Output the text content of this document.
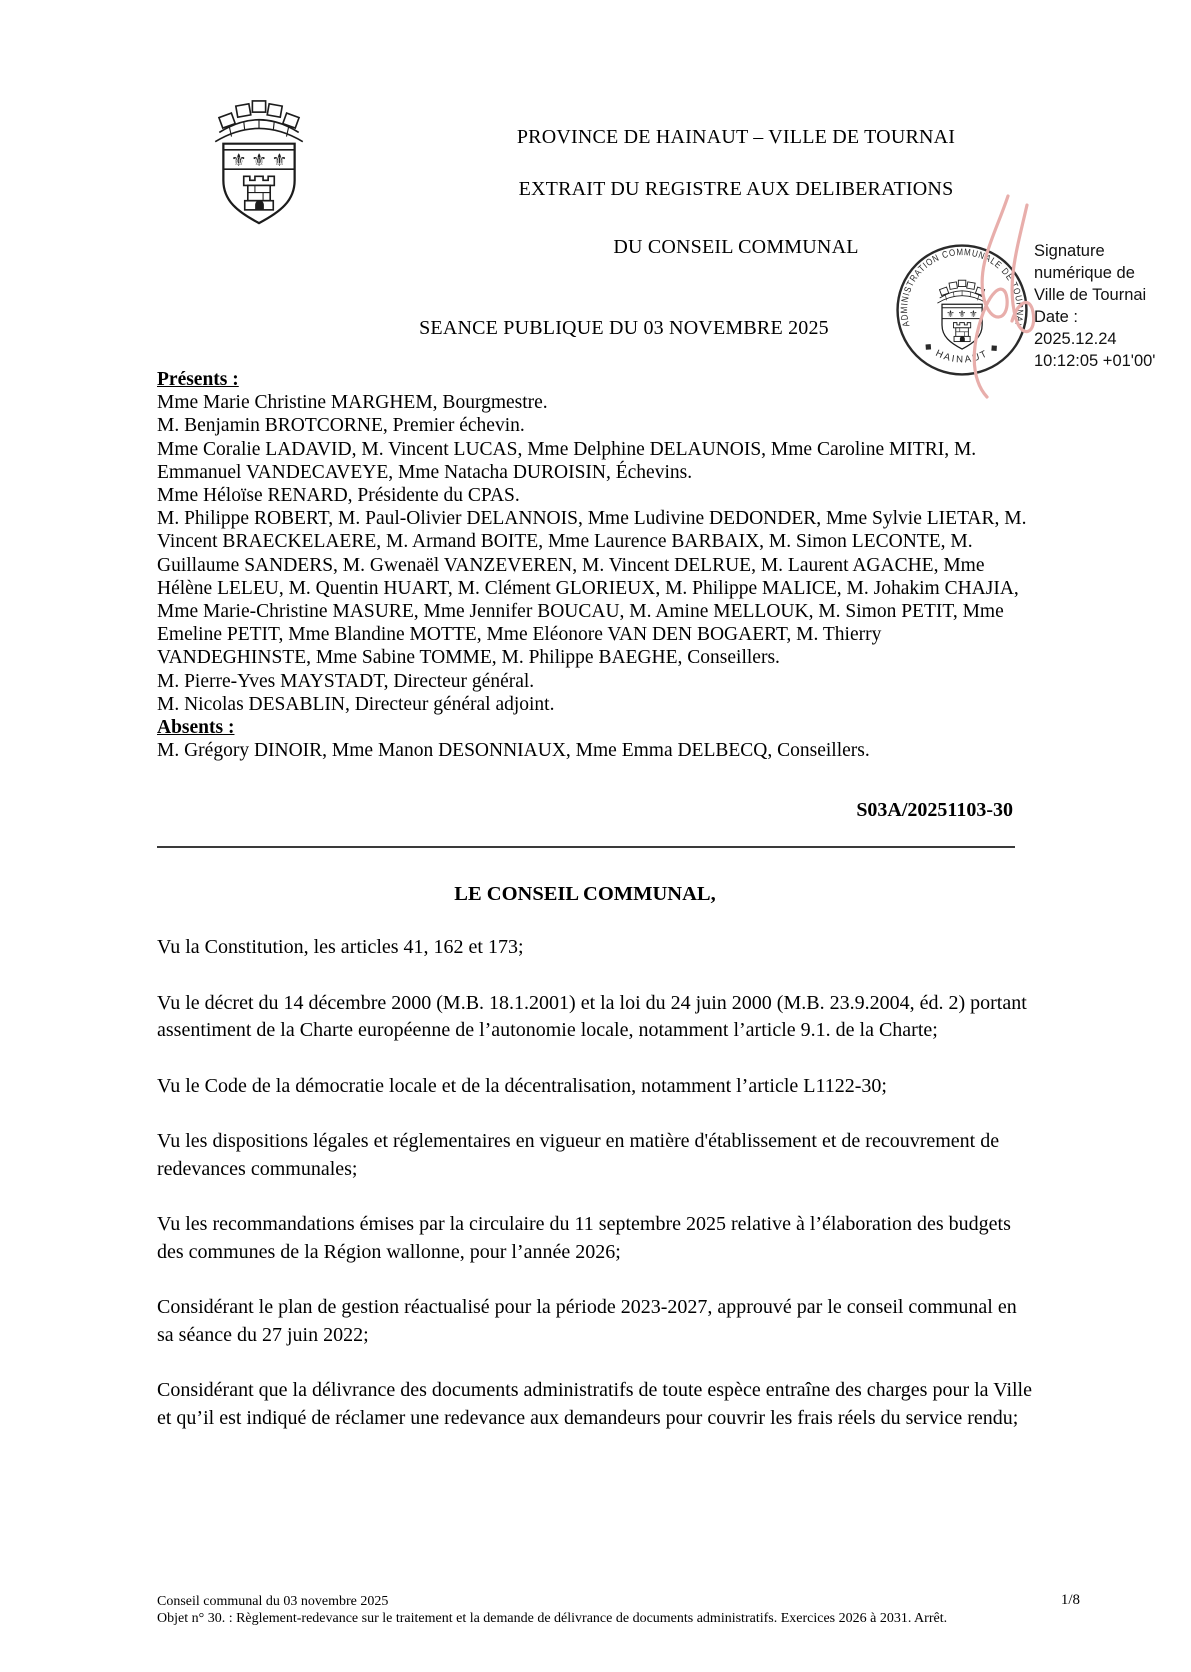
PROVINCE DE HAINAUT – VILLE DE TOURNAI
EXTRAIT DU REGISTRE AUX DELIBERATIONS
DU CONSEIL COMMUNAL
SEANCE PUBLIQUE DU 03 NOVEMBRE 2025	ADMINISTRATION COMMUNALE DE TOURNAI
◆ HAINAUT ◆
Signature
numérique de
Ville de Tournai
Date :
2025.12.24
10:12:05 +01'00'

Présents :

Mme Marie Christine MARGHEM, Bourgmestre.

M. Benjamin BROTCORNE, Premier échevin.

Mme Coralie LADAVID, M. Vincent LUCAS, Mme Delphine DELAUNOIS, Mme Caroline MITRI, M. Emmanuel VANDECAVEYE, Mme Natacha DUROISIN, Échevins.

Mme Héloïse RENARD, Présidente du CPAS.

M. Philippe ROBERT, M. Paul-Olivier DELANNOIS, Mme Ludivine DEDONDER, Mme Sylvie LIETAR, M. Vincent BRAECKELAERE, M. Armand BOITE, Mme Laurence BARBAIX, M. Simon LECONTE, M. Guillaume SANDERS, M. Gwenaël VANZEVEREN, M. Vincent DELRUE, M. Laurent AGACHE, Mme Hélène LELEU, M. Quentin HUART, M. Clément GLORIEUX, M. Philippe MALICE, M. Johakim CHAJIA, Mme Marie-Christine MASURE, Mme Jennifer BOUCAU, M. Amine MELLOUK, M. Simon PETIT, Mme Emeline PETIT, Mme Blandine MOTTE, Mme Eléonore VAN DEN BOGAERT, M. Thierry VANDEGHINSTE, Mme Sabine TOMME, M. Philippe BAEGHE, Conseillers.

M. Pierre-Yves MAYSTADT, Directeur général.

M. Nicolas DESABLIN, Directeur général adjoint.

Absents :

M. Grégory DINOIR, Mme Manon DESONNIAUX, Mme Emma DELBECQ, Conseillers.

S03A/20251103-30
LE CONSEIL COMMUNAL,

Vu la Constitution, les articles 41, 162 et 173;

Vu le décret du 14 décembre 2000 (M.B. 18.1.2001) et la loi du 24 juin 2000 (M.B. 23.9.2004, éd. 2) portant assentiment de la Charte européenne de l’autonomie locale, notamment l’article 9.1. de la Charte;

Vu le Code de la démocratie locale et de la décentralisation, notamment l’article L1122-30;

Vu les dispositions légales et réglementaires en vigueur en matière d'établissement et de recouvrement de redevances communales;

Vu les recommandations émises par la circulaire du 11 septembre 2025 relative à l’élaboration des budgets des communes de la Région wallonne, pour l’année 2026;

Considérant le plan de gestion réactualisé pour la période 2023-2027, approuvé par le conseil communal en sa séance du 27 juin 2022;

Considérant que la délivrance des documents administratifs de toute espèce entraîne des charges pour la Ville et qu’il est indiqué de réclamer une redevance aux demandeurs pour couvrir les frais réels du service rendu;

Conseil communal du 03 novembre 2025

Objet n° 30. : Règlement-redevance sur le traitement et la demande de délivrance de documents administratifs. Exercices 2026 à 2031. Arrêt.

1/8
